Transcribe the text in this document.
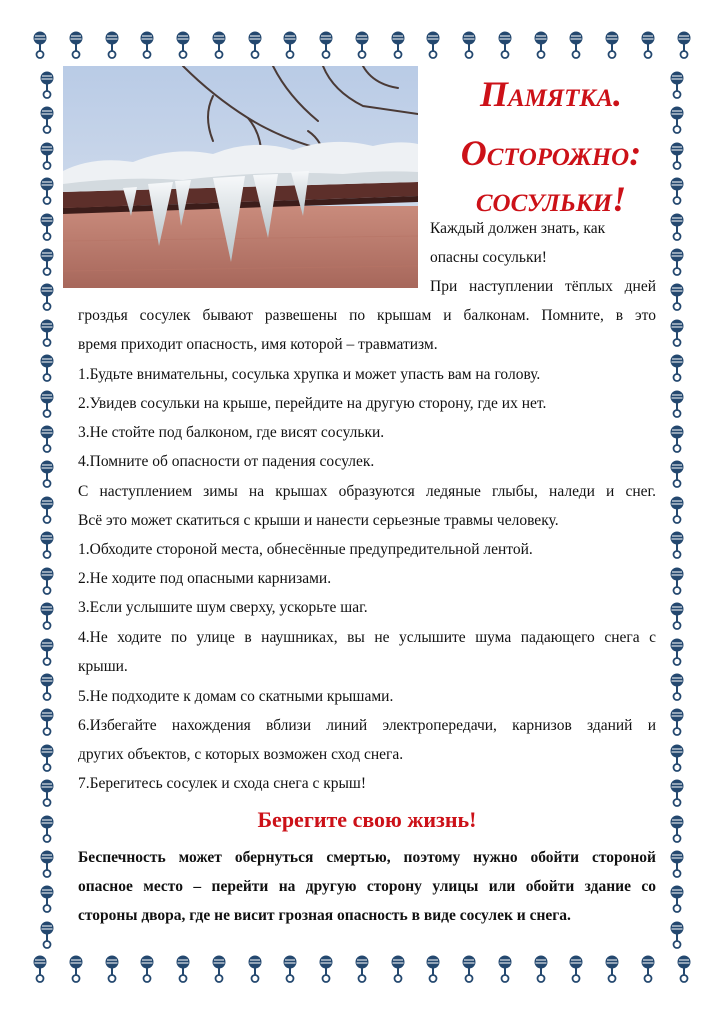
Памятка.
Осторожно: сосульки!
Каждый должен знать, как
опасны сосульки!
При наступлении тёплых дней
гроздья сосулек бывают развешены по крышам и балконам. Помните, в это
время приходит опасность, имя которой – травматизм.
1.Будьте внимательны, сосулька хрупка и может упасть вам на голову.
2.Увидев сосульки на крыше, перейдите на другую сторону, где их нет.
3.Не стойте под балконом, где висят сосульки.
4.Помните об опасности от падения сосулек.
С наступлением зимы на крышах образуются ледяные глыбы, наледи и снег.
Всё это может скатиться с крыши и нанести серьезные травмы человеку.
1.Обходите стороной места, обнесённые предупредительной лентой.
2.Не ходите под опасными карнизами.
3.Если услышите шум сверху, ускорьте шаг.
4.Не ходите по улице в наушниках, вы не услышите шума падающего снега с
крыши.
5.Не подходите к домам со скатными крышами.
6.Избегайте нахождения вблизи линий электропередачи, карнизов зданий и
других объектов, с которых возможен сход снега.
7.Берегитесь сосулек и схода снега с крыш!
Берегите свою жизнь!
Беспечность может обернуться смертью, поэтому нужно обойти стороной
опасное место – перейти на другую сторону улицы или обойти здание со
стороны двора, где не висит грозная опасность в виде сосулек и снега.
